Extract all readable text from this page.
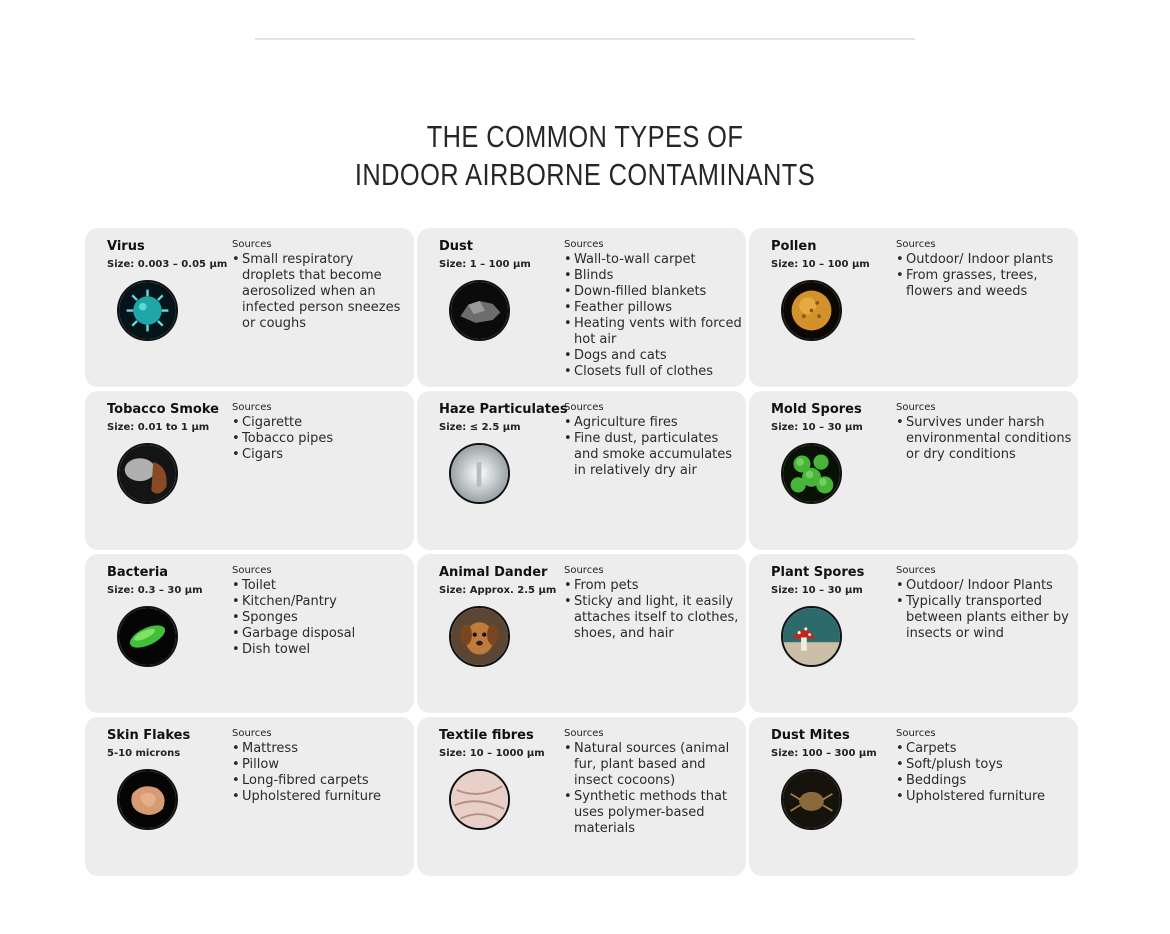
THE COMMON TYPES OF
INDOOR AIRBORNE CONTAMINANTS
Virus
Size: 0.003 – 0.05 µm
Sources
• Small respiratory droplets that become aerosolized when an infected person sneezes or coughs
Dust
Size: 1 – 100 µm
Sources
• Wall-to-wall carpet
• Blinds
• Down-filled blankets
• Feather pillows
• Heating vents with forced hot air
• Dogs and cats
• Closets full of clothes
Pollen
Size: 10 – 100 µm
Sources
• Outdoor/ Indoor plants
• From grasses, trees, flowers and weeds
Tobacco Smoke
Size: 0.01 to 1 µm
Sources
• Cigarette
• Tobacco pipes
• Cigars
Haze Particulates
Size: ≤ 2.5 µm
Sources
• Agriculture fires
• Fine dust, particulates and smoke accumulates in relatively dry air
Mold Spores
Size: 10 – 30 µm
Sources
• Survives under harsh environmental conditions or dry conditions
Bacteria
Size: 0.3 – 30 µm
Sources
• Toilet
• Kitchen/Pantry
• Sponges
• Garbage disposal
• Dish towel
Animal Dander
Size: Approx. 2.5 µm
Sources
• From pets
• Sticky and light, it easily attaches itself to clothes, shoes, and hair
Plant Spores
Size: 10 – 30 µm
Sources
• Outdoor/ Indoor Plants
• Typically transported between plants either by insects or wind
Skin Flakes
5-10 microns
Sources
• Mattress
• Pillow
• Long-fibred carpets
• Upholstered furniture
Textile fibres
Size: 10 – 1000 µm
Sources
• Natural sources (animal fur, plant based and insect cocoons)
• Synthetic methods that uses polymer-based materials
Dust Mites
Size: 100 – 300 µm
Sources
• Carpets
• Soft/plush toys
• Beddings
• Upholstered furniture
